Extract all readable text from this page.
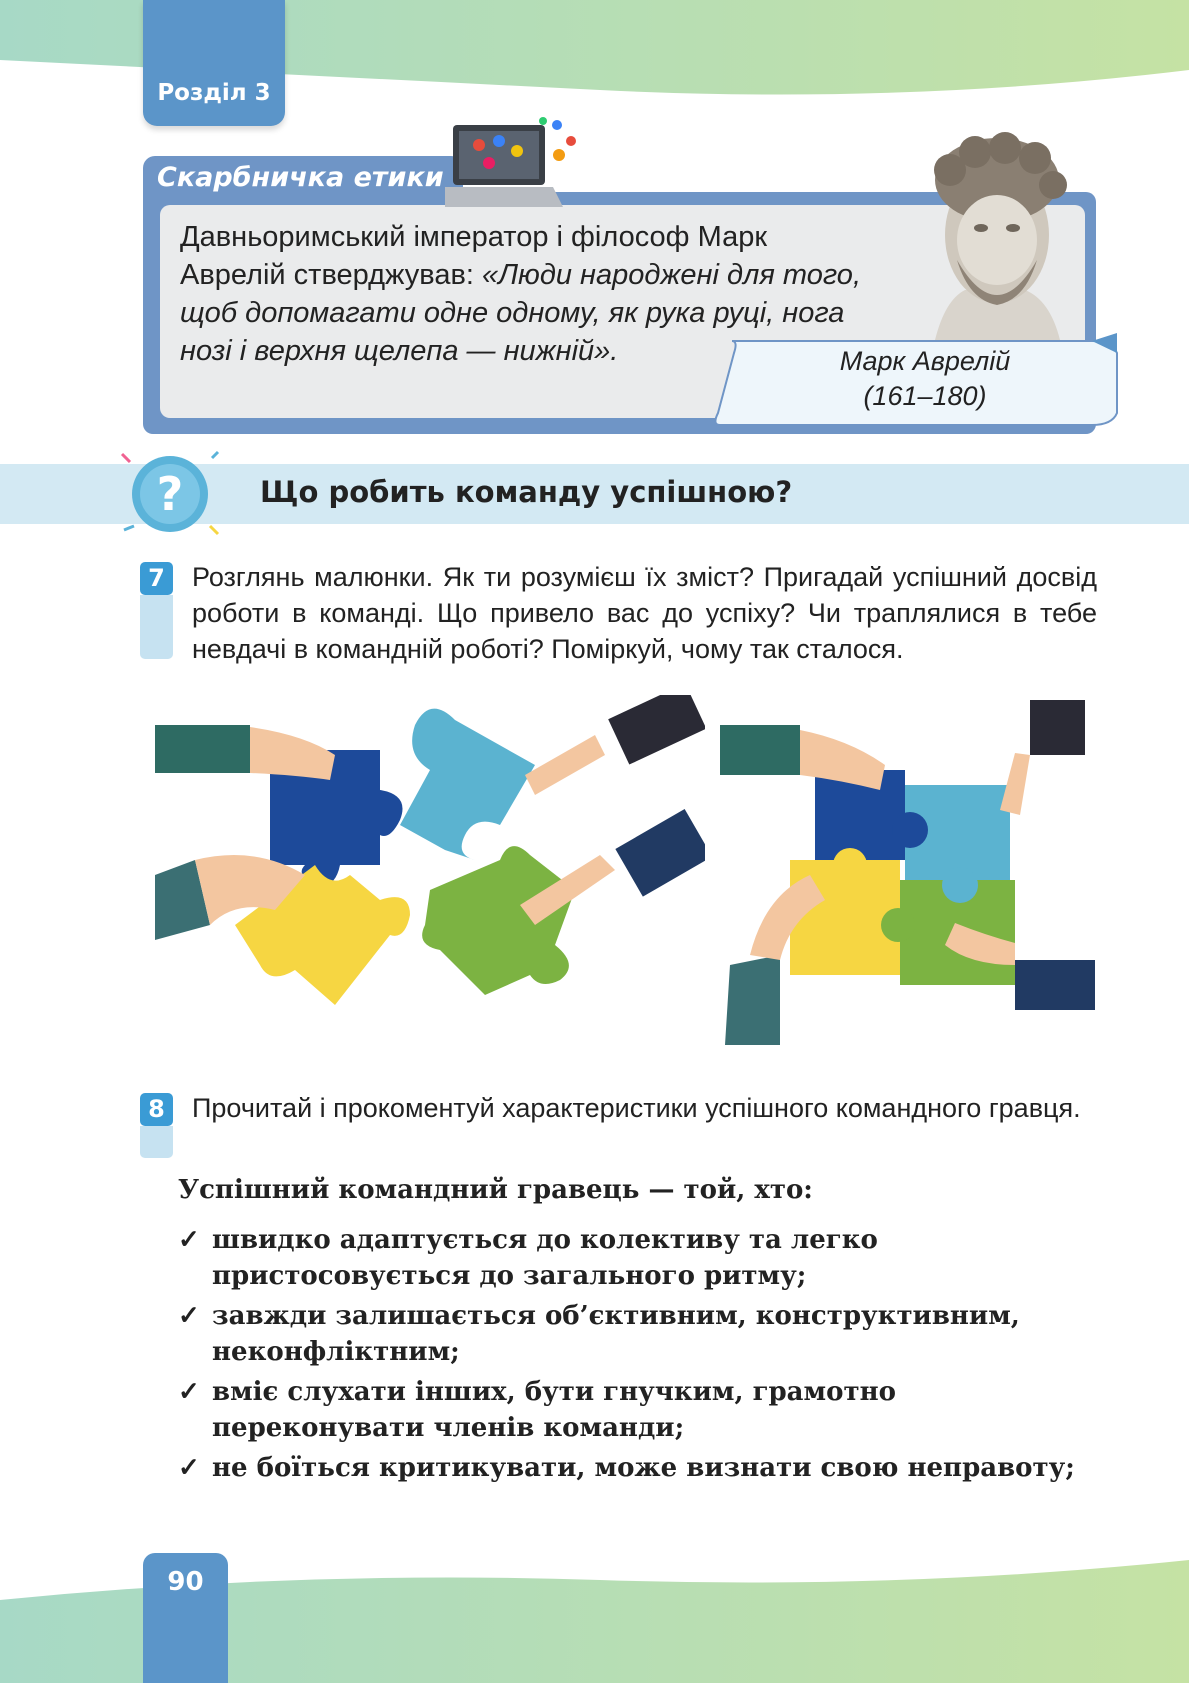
Розділ 3
Скарбничка етики
Давньоримський імператор і філософ Марк Аврелій стверджував: «Люди народжені для того, щоб допомагати одне одному, як рука руці, нога нозі і верхня щелепа — нижній».	Марк Аврелій
(161–180)
?	Що робить команду успішною?
7	Розглянь малюнки. Як ти розумієш їх зміст? Пригадай успішний досвід роботи в команді. Що привело вас до успіху? Чи траплялися в тебе невдачі в командній роботі? Поміркуй, чому так сталося.
8	Прочитай і прокоментуй характеристики успішного командного гравця.
Успішний командний гравець — той, хто:
✓ швидко адаптується до колективу та легко пристосовується до загального ритму;
✓ завжди залишається об’єктивним, конструктивним, неконфліктним;
✓ вміє слухати інших, бути гнучким, грамотно переконувати членів команди;
✓ не боїться критикувати, може визнати свою неправоту;
90
